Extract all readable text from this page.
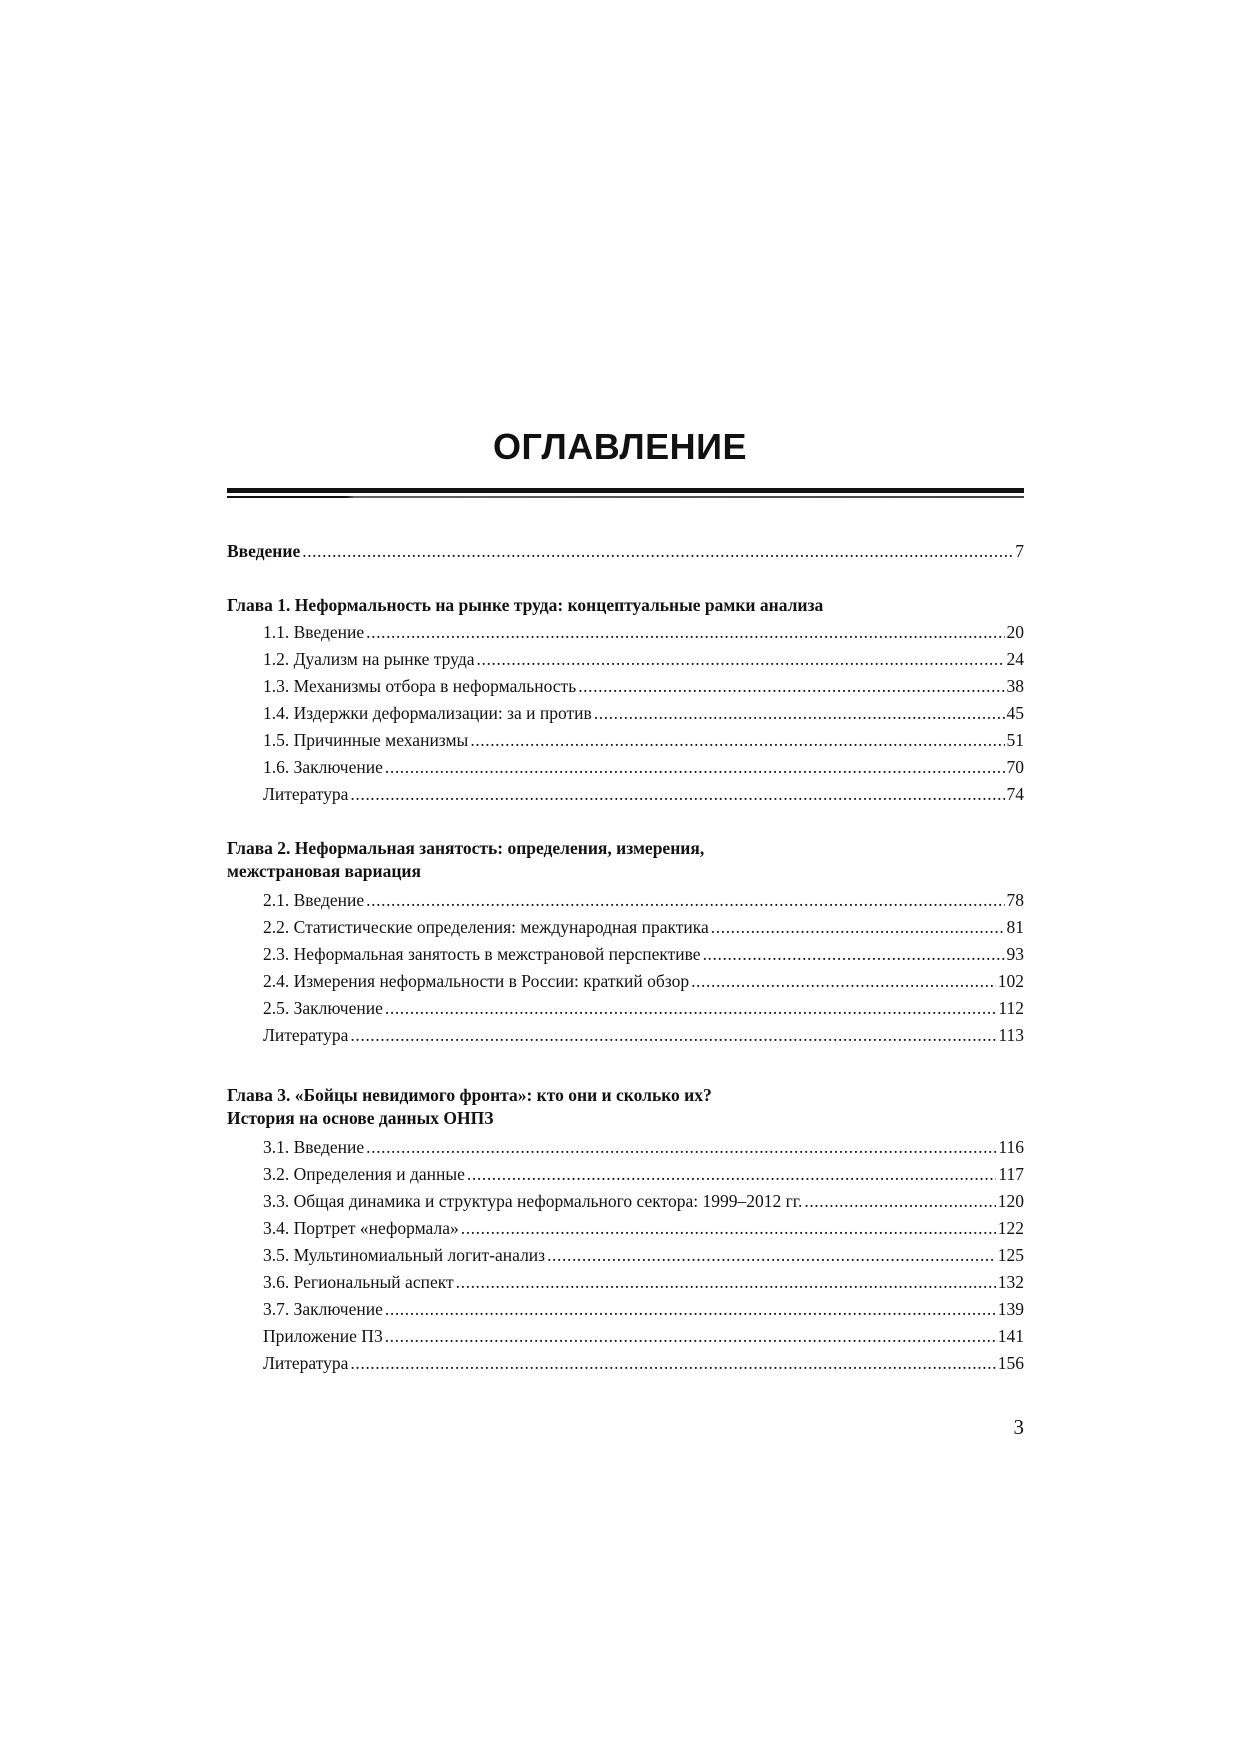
ОГЛАВЛЕНИЕ
Введение .....	7
Глава 1. Неформальность на рынке труда: концептуальные рамки анализа
1.1. Введение .....	20
1.2. Дуализм на рынке труда .....	24
1.3. Механизмы отбора в неформальность .....	38
1.4. Издержки деформализации: за и против .....	45
1.5. Причинные механизмы .....	51
1.6. Заключение .....	70
Литература .....	74
Глава 2. Неформальная занятость: определения, измерения,
межстрановая вариация
2.1. Введение .....	78
2.2. Статистические определения: международная практика .....	81
2.3. Неформальная занятость в межстрановой перспективе .....	93
2.4. Измерения неформальности в России: краткий обзор .....	102
2.5. Заключение .....	112
Литература .....	113
Глава 3. «Бойцы невидимого фронта»: кто они и сколько их?
История на основе данных ОНПЗ
3.1. Введение .....	116
3.2. Определения и данные .....	117
3.3. Общая динамика и структура неформального сектора: 1999–2012 гг. .....	120
3.4. Портрет «неформала» .....	122
3.5. Мультиномиальный логит-анализ .....	125
3.6. Региональный аспект .....	132
3.7. Заключение .....	139
Приложение П3 .....	141
Литература .....	156
3
